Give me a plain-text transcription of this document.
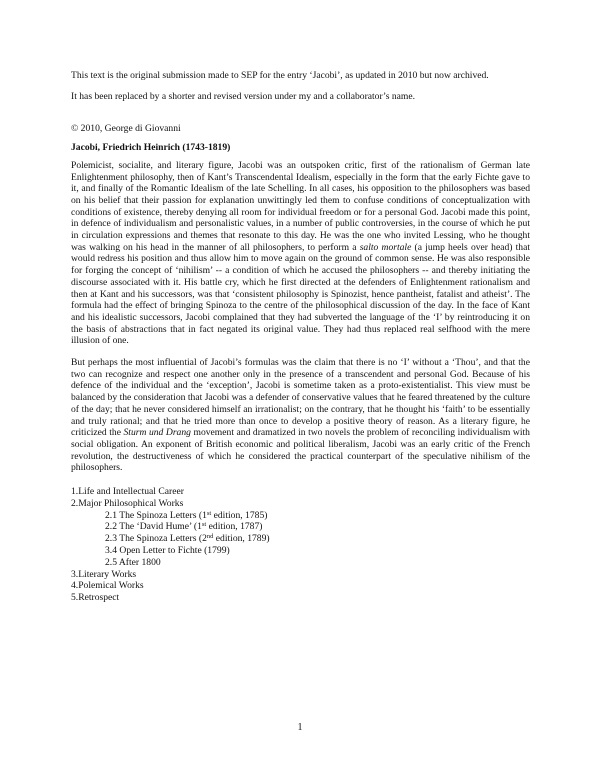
This text is the original submission made to SEP for the entry ‘Jacobi’, as updated in 2010 but now archived.

It has been replaced by a shorter and revised version under my and a collaborator’s name.

© 2010, George di Giovanni

Jacobi, Friedrich Heinrich (1743-1819)

Polemicist, socialite, and literary figure, Jacobi was an outspoken critic, first of the rationalism of German late Enlightenment philosophy, then of Kant’s Transcendental Idealism, especially in the form that the early Fichte gave to it, and finally of the Romantic Idealism of the late Schelling. In all cases, his opposition to the philosophers was based on his belief that their passion for explanation unwittingly led them to confuse conditions of conceptualization with conditions of existence, thereby denying all room for individual freedom or for a personal God. Jacobi made this point, in defence of individualism and personalistic values, in a number of public controversies, in the course of which he put in circulation expressions and themes that resonate to this day. He was the one who invited Lessing, who he thought was walking on his head in the manner of all philosophers, to perform a salto mortale (a jump heels over head) that would redress his position and thus allow him to move again on the ground of common sense. He was also responsible for forging the concept of ‘nihilism’ -- a condition of which he accused the philosophers -- and thereby initiating the discourse associated with it. His battle cry, which he first directed at the defenders of Enlightenment rationalism and then at Kant and his successors, was that ‘consistent philosophy is Spinozist, hence pantheist, fatalist and atheist’. The formula had the effect of bringing Spinoza to the centre of the philosophical discussion of the day. In the face of Kant and his idealistic successors, Jacobi complained that they had subverted the language of the ‘I’ by reintroducing it on the basis of abstractions that in fact negated its original value. They had thus replaced real selfhood with the mere illusion of one.

But perhaps the most influential of Jacobi’s formulas was the claim that there is no ‘I’ without a ‘Thou’, and that the two can recognize and respect one another only in the presence of a transcendent and personal God. Because of his defence of the individual and the ‘exception’, Jacobi is sometime taken as a proto-existentialist. This view must be balanced by the consideration that Jacobi was a defender of conservative values that he feared threatened by the culture of the day; that he never considered himself an irrationalist; on the contrary, that he thought his ‘faith’ to be essentially and truly rational; and that he tried more than once to develop a positive theory of reason. As a literary figure, he criticized the Sturm und Drang movement and dramatized in two novels the problem of reconciling individualism with social obligation. An exponent of British economic and political liberalism, Jacobi was an early critic of the French revolution, the destructiveness of which he considered the practical counterpart of the speculative nihilism of the philosophers.

1.Life and Intellectual Career
2.Major Philosophical Works
2.1 The Spinoza Letters (1st edition, 1785)
2.2 The ‘David Hume’ (1st edition, 1787)
2.3 The Spinoza Letters (2nd edition, 1789)
3.4 Open Letter to Fichte (1799)
2.5 After 1800
3.Literary Works
4.Polemical Works
5.Retrospect
1
